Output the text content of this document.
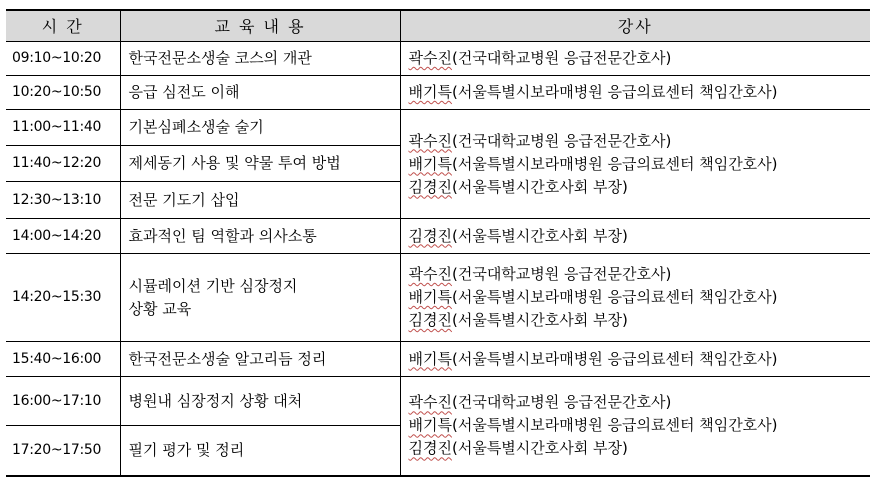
시 간	교 육 내 용	강사
09:10~10:20	한국전문소생술 코스의 개관	곽수진(건국대학교병원 응급전문간호사)
10:20~10:50	응급 심전도 이해	배기특(서울특별시보라매병원 응급의료센터 책임간호사)
11:00~11:40	기본심폐소생술 술기	곽수진(건국대학교병원 응급전문간호사)
배기특(서울특별시보라매병원 응급의료센터 책임간호사)
김경진(서울특별시간호사회 부장)

11:40~12:20	제세동기 사용 및 약물 투여 방법	
12:30~13:10	전문 기도기 삽입	
14:00~14:20	효과적인 팀 역할과 의사소통	김경진(서울특별시간호사회 부장)
14:20~15:30	시뮬레이션 기반 심장정지
상황 교육	곽수진(건국대학교병원 응급전문간호사)
배기특(서울특별시보라매병원 응급의료센터 책임간호사)
김경진(서울특별시간호사회 부장)

15:40~16:00	한국전문소생술 알고리듬 정리	배기특(서울특별시보라매병원 응급의료센터 책임간호사)
16:00~17:10	병원내 심장정지 상황 대처	곽수진(건국대학교병원 응급전문간호사)
배기특(서울특별시보라매병원 응급의료센터 책임간호사)
김경진(서울특별시간호사회 부장)

17:20~17:50	필기 평가 및 정리	
